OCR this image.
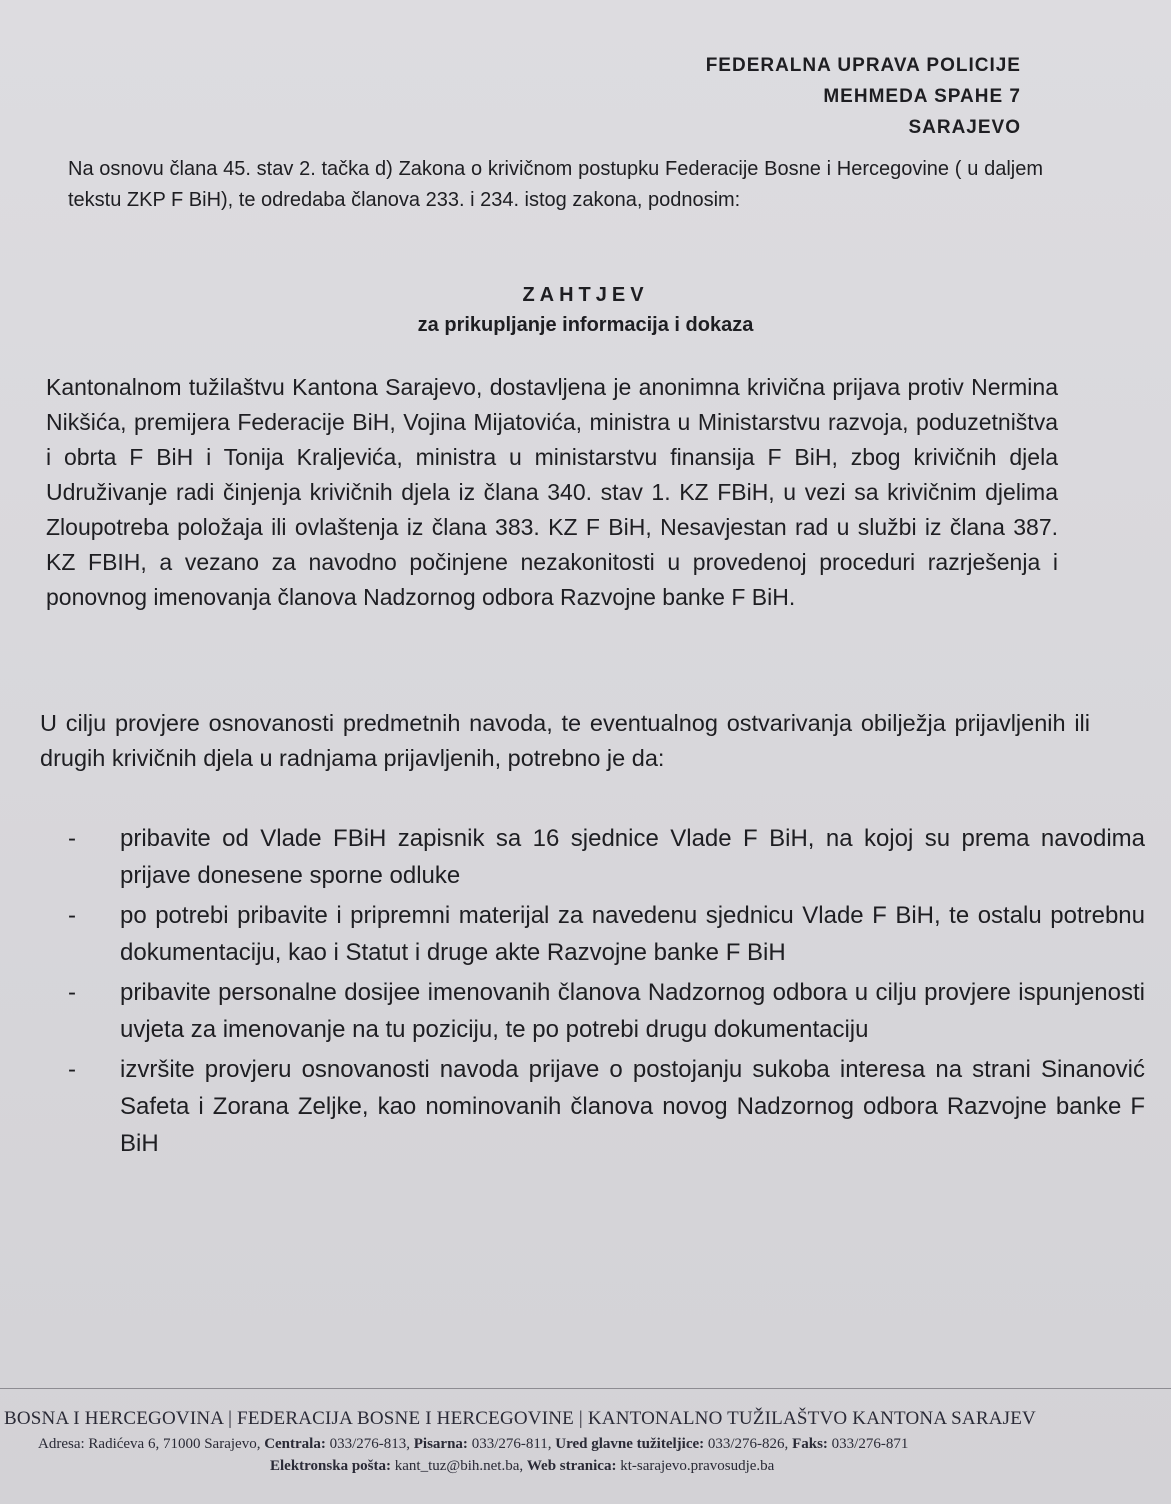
FEDERALNA UPRAVA POLICIJE
MEHMEDA SPAHE 7
SARAJEVO
Na osnovu člana 45. stav 2. tačka d) Zakona o krivičnom postupku Federacije Bosne i Hercegovine ( u daljem tekstu ZKP F BiH), te odredaba članova 233. i 234. istog zakona, podnosim:
ZAHTJEV
za prikupljanje informacija i dokaza
Kantonalnom tužilaštvu Kantona Sarajevo, dostavljena je anonimna krivična prijava protiv Nermina Nikšića, premijera Federacije BiH, Vojina Mijatovića, ministra u Ministarstvu razvoja, poduzetništva i obrta F BiH i Tonija Kraljevića, ministra u ministarstvu finansija F BiH, zbog krivičnih djela Udruživanje radi činjenja krivičnih djela iz člana 340. stav 1. KZ FBiH, u vezi sa krivičnim djelima Zloupotreba položaja ili ovlaštenja iz člana 383. KZ F BiH, Nesavjestan rad u službi iz člana 387. KZ FBIH, a vezano za navodno počinjene nezakonitosti u provedenoj proceduri razrješenja i ponovnog imenovanja članova Nadzornog odbora Razvojne banke F BiH.
U cilju provjere osnovanosti predmetnih navoda, te eventualnog ostvarivanja obilježja prijavljenih ili drugih krivičnih djela u radnjama prijavljenih, potrebno je da:
- pribavite od Vlade FBiH zapisnik sa 16 sjednice Vlade F BiH, na kojoj su prema navodima prijave donesene sporne odluke
- po potrebi pribavite i pripremni materijal za navedenu sjednicu Vlade F BiH, te ostalu potrebnu dokumentaciju, kao i Statut i druge akte Razvojne banke F BiH
- pribavite personalne dosijee imenovanih članova Nadzornog odbora u cilju provjere ispunjenosti uvjeta za imenovanje na tu poziciju, te po potrebi drugu dokumentaciju
- izvršite provjeru osnovanosti navoda prijave o postojanju sukoba interesa na strani Sinanović Safeta i Zorana Zeljke, kao nominovanih članova novog Nadzornog odbora Razvojne banke F BiH
BOSNA I HERCEGOVINA | FEDERACIJA BOSNE I HERCEGOVINE | KANTONALNO TUŽILAŠTVO KANTONA SARAJEV
Adresa: Radićeva 6, 71000 Sarajevo, Centrala: 033/276-813, Pisarna: 033/276-811, Ured glavne tužiteljice: 033/276-826, Faks: 033/276-871
Elektronska pošta: kant_tuz@bih.net.ba, Web stranica: kt-sarajevo.pravosudje.ba
